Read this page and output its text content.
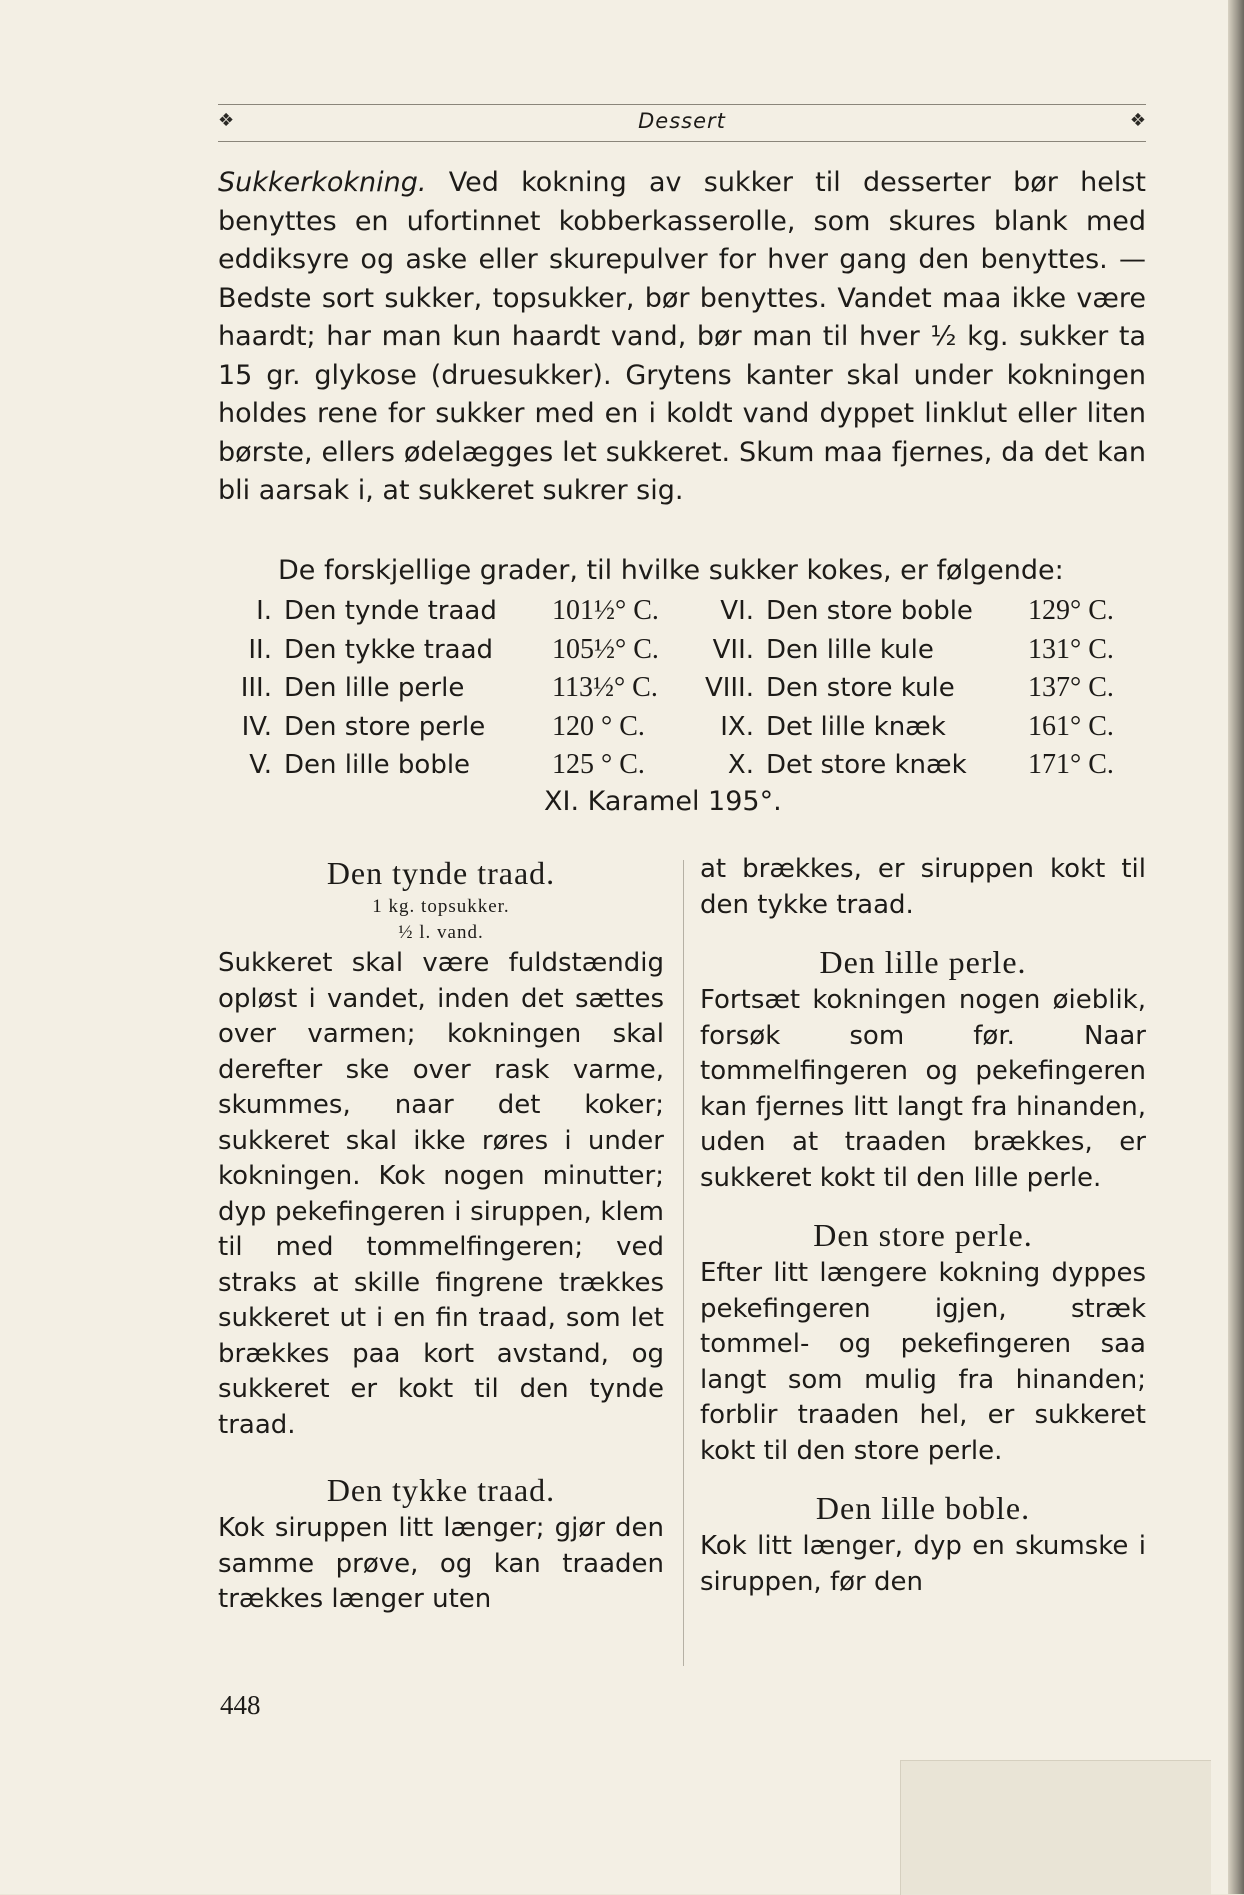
❖	Dessert	❖

Sukkerkokning. Ved kokning av sukker til desserter bør helst benyttes en ufortinnet kobberkasserolle, som skures blank med eddiksyre og aske eller skurepulver for hver gang den benyttes. — Bedste sort sukker, topsukker, bør benyttes. Vandet maa ikke være haardt; har man kun haardt vand, bør man til hver ½ kg. sukker ta 15 gr. glykose (druesukker). Grytens kanter skal under kokningen holdes rene for sukker med en i koldt vand dyppet linklut eller liten børste, ellers ødelægges let sukkeret. Skum maa fjernes, da det kan bli aarsak i, at sukkeret sukrer sig.

De forskjellige grader, til hvilke sukker kokes, er følgende:
I.	Den tynde traad	101½° C.	VI.	Den store boble	129° C.
II.	Den tykke traad	105½° C.	VII.	Den lille kule	131° C.
III.	Den lille perle	113½° C.	VIII.	Den store kule	137° C.
IV.	Den store perle	120 ° C.	IX.	Det lille knæk	161° C.
V.	Den lille boble	125 ° C.	X.	Det store knæk	171° C.
XI. Karamel 195°.
Den tynde traad.
1 kg. topsukker.
½ l. vand.

Sukkeret skal være fuldstændig opløst i vandet, inden det sættes over varmen; kokningen skal derefter ske over rask varme, skummes, naar det koker; sukkeret skal ikke røres i under kokningen. Kok nogen minutter; dyp pekefingeren i siruppen, klem til med tommelfingeren; ved straks at skille fingrene trækkes sukkeret ut i en fin traad, som let brækkes paa kort avstand, og sukkeret er kokt til den tynde traad.

Den tykke traad.

Kok siruppen litt længer; gjør den samme prøve, og kan traaden trækkes længer uten

at brækkes, er siruppen kokt til den tykke traad.

Den lille perle.

Fortsæt kokningen nogen øieblik, forsøk som før. Naar tommelfingeren og pekefingeren kan fjernes litt langt fra hinanden, uden at traaden brækkes, er sukkeret kokt til den lille perle.

Den store perle.

Efter litt længere kokning dyppes pekefingeren igjen, stræk tommel- og pekefingeren saa langt som mulig fra hinanden; forblir traaden hel, er sukkeret kokt til den store perle.

Den lille boble.

Kok litt længer, dyp en skumske i siruppen, før den

448
